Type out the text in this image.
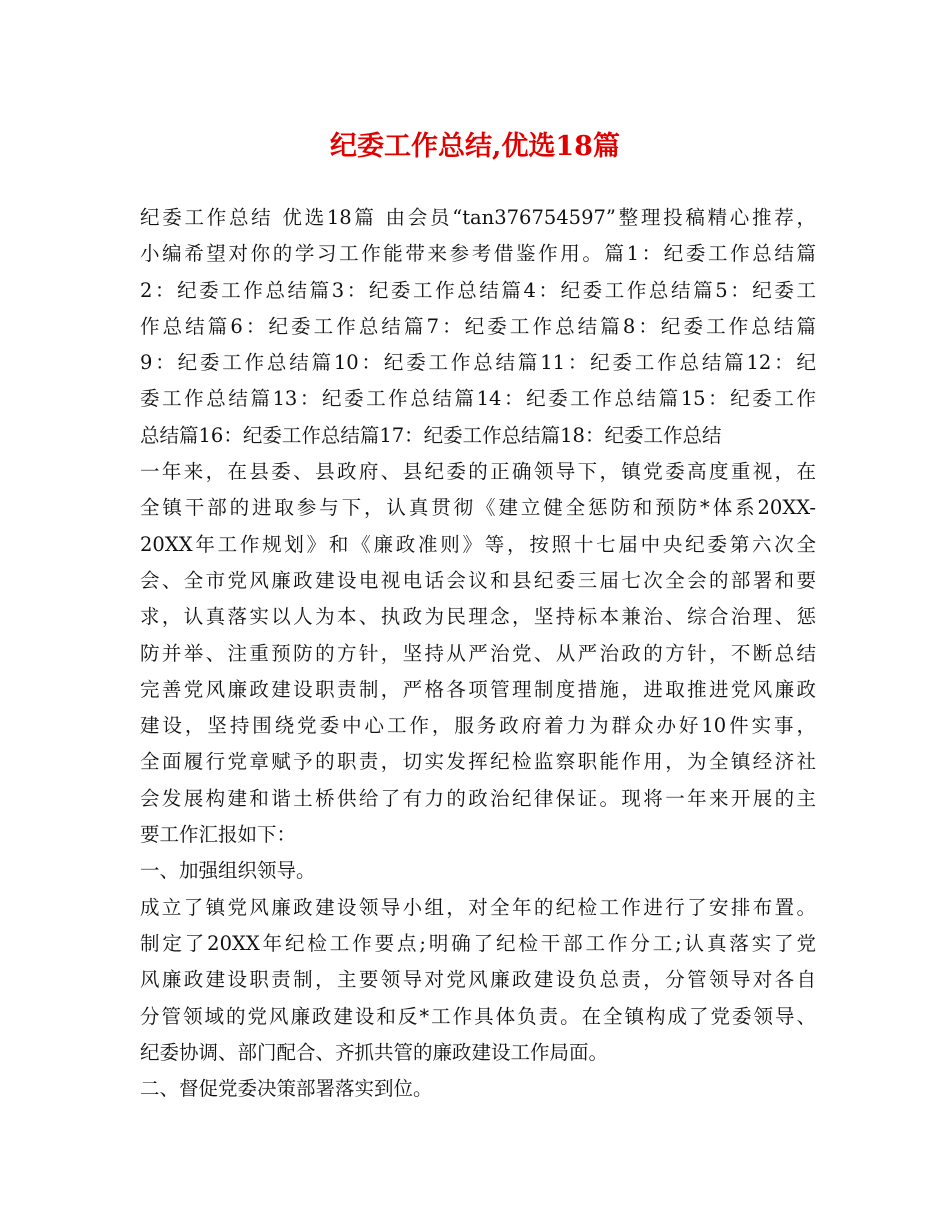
纪委工作总结,优选18篇
纪委工作总结 优选18篇 由会员“tan376754597”整理投稿精心推荐，
小编希望对你的学习工作能带来参考借鉴作用。篇1：纪委工作总结篇
2：纪委工作总结篇3：纪委工作总结篇4：纪委工作总结篇5：纪委工
作总结篇6：纪委工作总结篇7：纪委工作总结篇8：纪委工作总结篇
9：纪委工作总结篇10：纪委工作总结篇11：纪委工作总结篇12：纪
委工作总结篇13：纪委工作总结篇14：纪委工作总结篇15：纪委工作
总结篇16：纪委工作总结篇17：纪委工作总结篇18：纪委工作总结
一年来，在县委、县政府、县纪委的正确领导下，镇党委高度重视，在
全镇干部的进取参与下，认真贯彻《建立健全惩防和预防*体系20XX-
20XX年工作规划》和《廉政准则》等，按照十七届中央纪委第六次全
会、全市党风廉政建设电视电话会议和县纪委三届七次全会的部署和要
求，认真落实以人为本、执政为民理念，坚持标本兼治、综合治理、惩
防并举、注重预防的方针，坚持从严治党、从严治政的方针，不断总结
完善党风廉政建设职责制，严格各项管理制度措施，进取推进党风廉政
建设，坚持围绕党委中心工作，服务政府着力为群众办好10件实事，
全面履行党章赋予的职责，切实发挥纪检监察职能作用，为全镇经济社
会发展构建和谐土桥供给了有力的政治纪律保证。现将一年来开展的主
要工作汇报如下：
一、加强组织领导。
成立了镇党风廉政建设领导小组，对全年的纪检工作进行了安排布置。
制定了20XX年纪检工作要点;明确了纪检干部工作分工;认真落实了党
风廉政建设职责制，主要领导对党风廉政建设负总责，分管领导对各自
分管领域的党风廉政建设和反*工作具体负责。在全镇构成了党委领导、
纪委协调、部门配合、齐抓共管的廉政建设工作局面。
二、督促党委决策部署落实到位。
